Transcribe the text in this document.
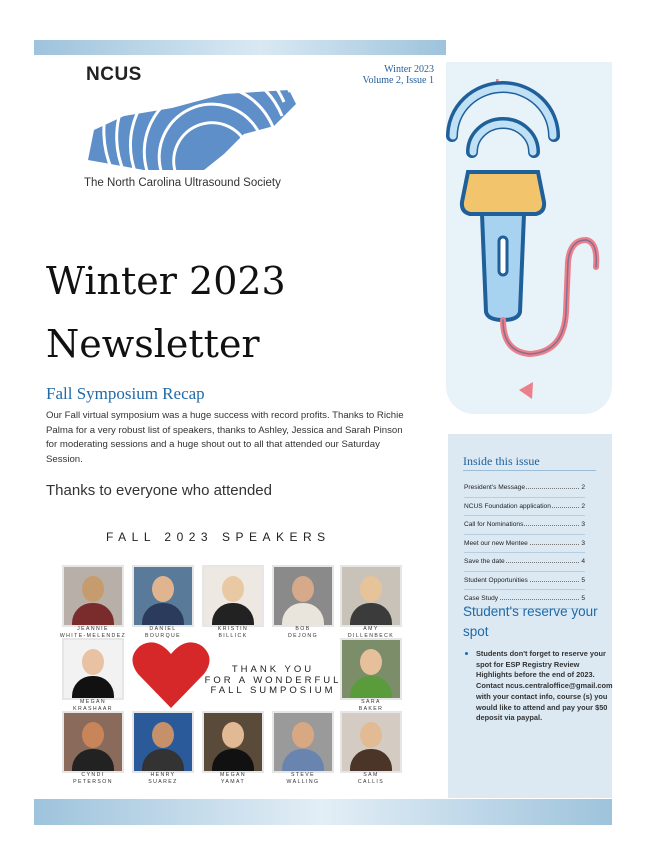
Winter 2023
Volume 2, Issue 1
NCUS
The North Carolina Ultrasound Society
Winter 2023
Newsletter
Fall Symposium Recap
Our Fall virtual symposium was a huge success with record profits. Thanks to Richie Palma for a very robust list of speakers, thanks to Ashley, Jessica and Sarah Pinson for moderating sessions and a huge shout out to all that attended our Saturday Session.
Thanks to everyone who attended
FALL 2023 SPEAKERS
JEANNIE
WHITE-MELENDEZ
DANIEL
BOURQUE
KRISTIN
BILLICK
BOB
DEJONG
AMY
DILLENBECK
MEGAN
KRASHAAR
SARA
BAKER
CYNDI
PETERSON
HENRY
SUAREZ
MEGAN
YAMAT
STEVE
WALLING
SAM
CALLIS
THANK YOU
FOR A WONDERFUL
FALL SUMPOSIUM
Inside this issue
President's Message	2
NCUS Foundation application	2
Call for Nominations	3
Meet our new Mentee	3
Save the date	4
Student Opportunities	5
Case Study	5
Student's reserve your spot
Students don't forget to reserve your spot for ESP Registry Review Highlights before the end of 2023. Contact ncus.centraloffice@gmail.com with your contact info, course (s) you would like to attend and pay your $50 deposit via paypal.
